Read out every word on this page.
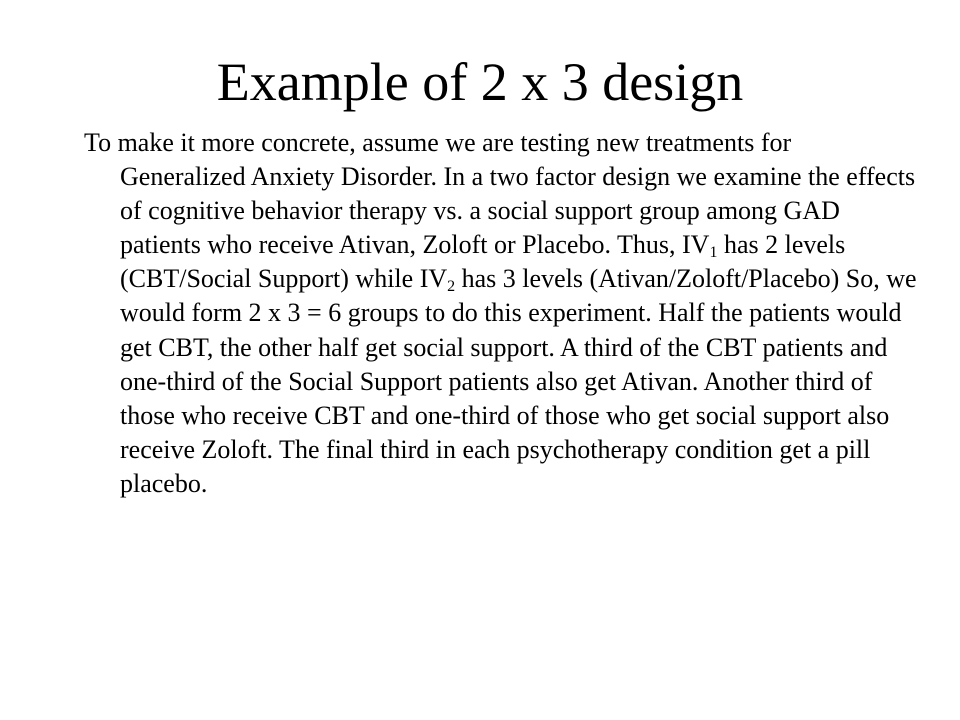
Example of 2 x 3 design

To make it more concrete, assume we are testing new treatments for Generalized Anxiety Disorder. In a two factor design we examine the effects of cognitive behavior therapy vs. a social support group among GAD patients who receive Ativan, Zoloft or Placebo. Thus, $IV_1$ has 2 levels (CBT/Social Support) while $IV_2$ has 3 levels (Ativan/Zoloft/Placebo) So, we would form 2 x 3 = 6 groups to do this experiment. Half the patients would get CBT, the other half get social support. A third of the CBT patients and one-third of the Social Support patients also get Ativan. Another third of those who receive CBT and one-third of those who get social support also receive Zoloft. The final third in each psychotherapy condition get a pill placebo.
